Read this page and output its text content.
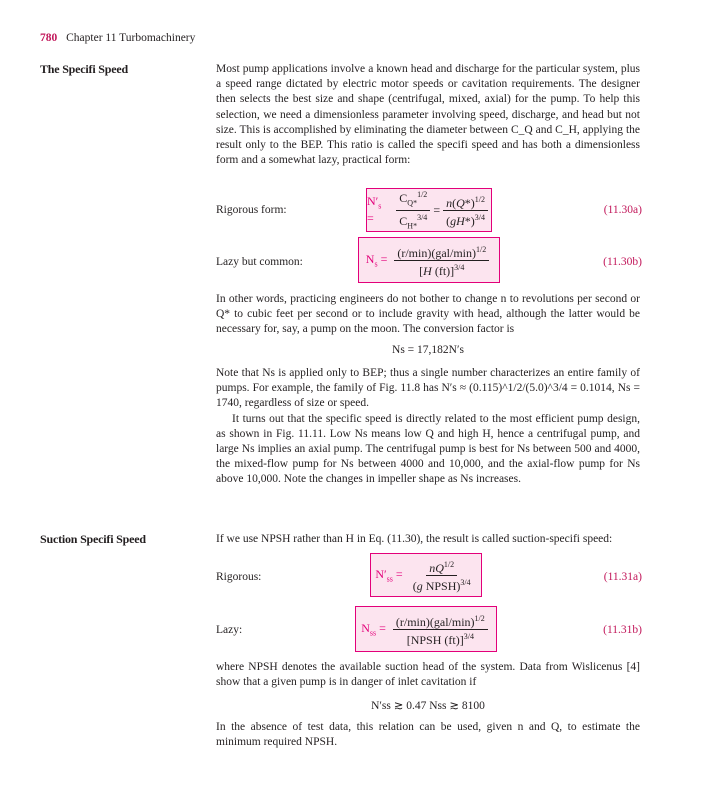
780 Chapter 11 Turbomachinery
The Specifi Speed	Most pump applications involve a known head and discharge for the particular system, plus a speed range dictated by electric motor speeds or cavitation requirements. The designer then selects the best size and shape (centrifugal, mixed, axial) for the pump. To help this selection, we need a dimensionless parameter involving speed, discharge, and head but not size. This is accomplished by eliminating the diameter between C_Q and C_H, applying the result only to the BEP. This ratio is called the specifi speed and has both a dimensionless form and a somewhat lazy, practical form:

Rigorous form:
$N'_s$ =	$\frac{C_{Q*}^{1/2}}{C_{H*}^{3/4}} = \frac{n(Q*)^{1/2}}{(gH*)^{3/4}}$	(11.30a)
Lazy but common:	$N_s = \frac{(r/\min)(gal/\min)^{1/2}}{[H (ft)]^{3/4}}$	(11.30b)

In other words, practicing engineers do not bother to change n to revolutions per second or Q* to cubic feet per second or to include gravity with head, although the latter would be necessary for, say, a pump on the moon. The conversion factor is

Ns = 17,182N′s

Note that Ns is applied only to BEP; thus a single number characterizes an entire family of pumps. For example, the family of Fig. 11.8 has N′s ≈ (0.115)^1/2/(5.0)^3/4 = 0.1014, Ns = 1740, regardless of size or speed.

It turns out that the specific speed is directly related to the most efficient pump design, as shown in Fig. 11.11. Low Ns means low Q and high H, hence a centrifugal pump, and large Ns implies an axial pump. The centrifugal pump is best for Ns between 500 and 4000, the mixed-flow pump for Ns between 4000 and 10,000, and the axial-flow pump for Ns above 10,000. Note the changes in impeller shape as Ns increases.

Suction Specifi Speed	If we use NPSH rather than H in Eq. (11.30), the result is called suction-specifi speed:

Rigorous:	$N'_{ss} = \frac{nQ^{1/2}}{(g NPSH)^{3/4}}$	(11.31a)
Lazy:	$N_{ss} = \frac{(r/\min)(gal/\min)^{1/2}}{[NPSH (ft)]^{3/4}}$	(11.31b)

where NPSH denotes the available suction head of the system. Data from Wislicenus [4] show that a given pump is in danger of inlet cavitation if

N′ss ≳ 0.47 Nss ≳ 8100

In the absence of test data, this relation can be used, given n and Q, to estimate the minimum required NPSH.
